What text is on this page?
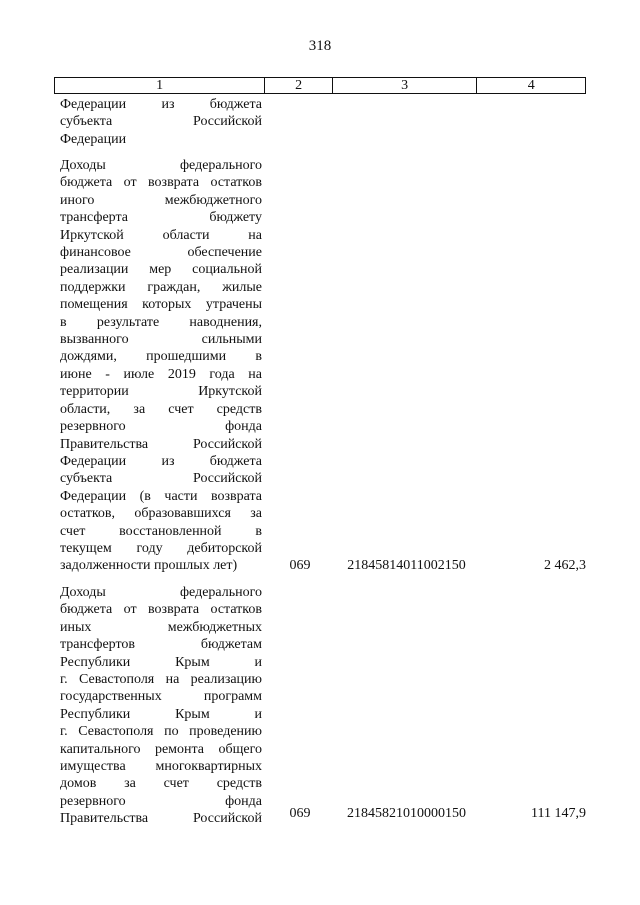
318
1	2	3	4

Федерации из бюджета

субъекта Российской

Федерации

Доходы федерального

бюджета от возврата остатков

иного межбюджетного

трансферта бюджету

Иркутской области на

финансовое обеспечение

реализации мер социальной

поддержки граждан, жилые

помещения которых утрачены

в результате наводнения,

вызванного сильными

дождями, прошедшими в

июне - июле 2019 года на

территории Иркутской

области, за счет средств

резервного фонда

Правительства Российской

Федерации из бюджета

субъекта Российской

Федерации (в части возврата

остатков, образовавшихся за

счет восстановленной в

текущем году дебиторской

задолженности прошлых лет)	069	21845814011002150	2 462,3

Доходы федерального

бюджета от возврата остатков

иных межбюджетных

трансфертов бюджетам

Республики Крым и

г. Севастополя на реализацию

государственных программ

Республики Крым и

г. Севастополя по проведению

капитального ремонта общего

имущества многоквартирных

домов за счет средств

резервного фонда

Правительства Российской	069	21845821010000150	111 147,9
